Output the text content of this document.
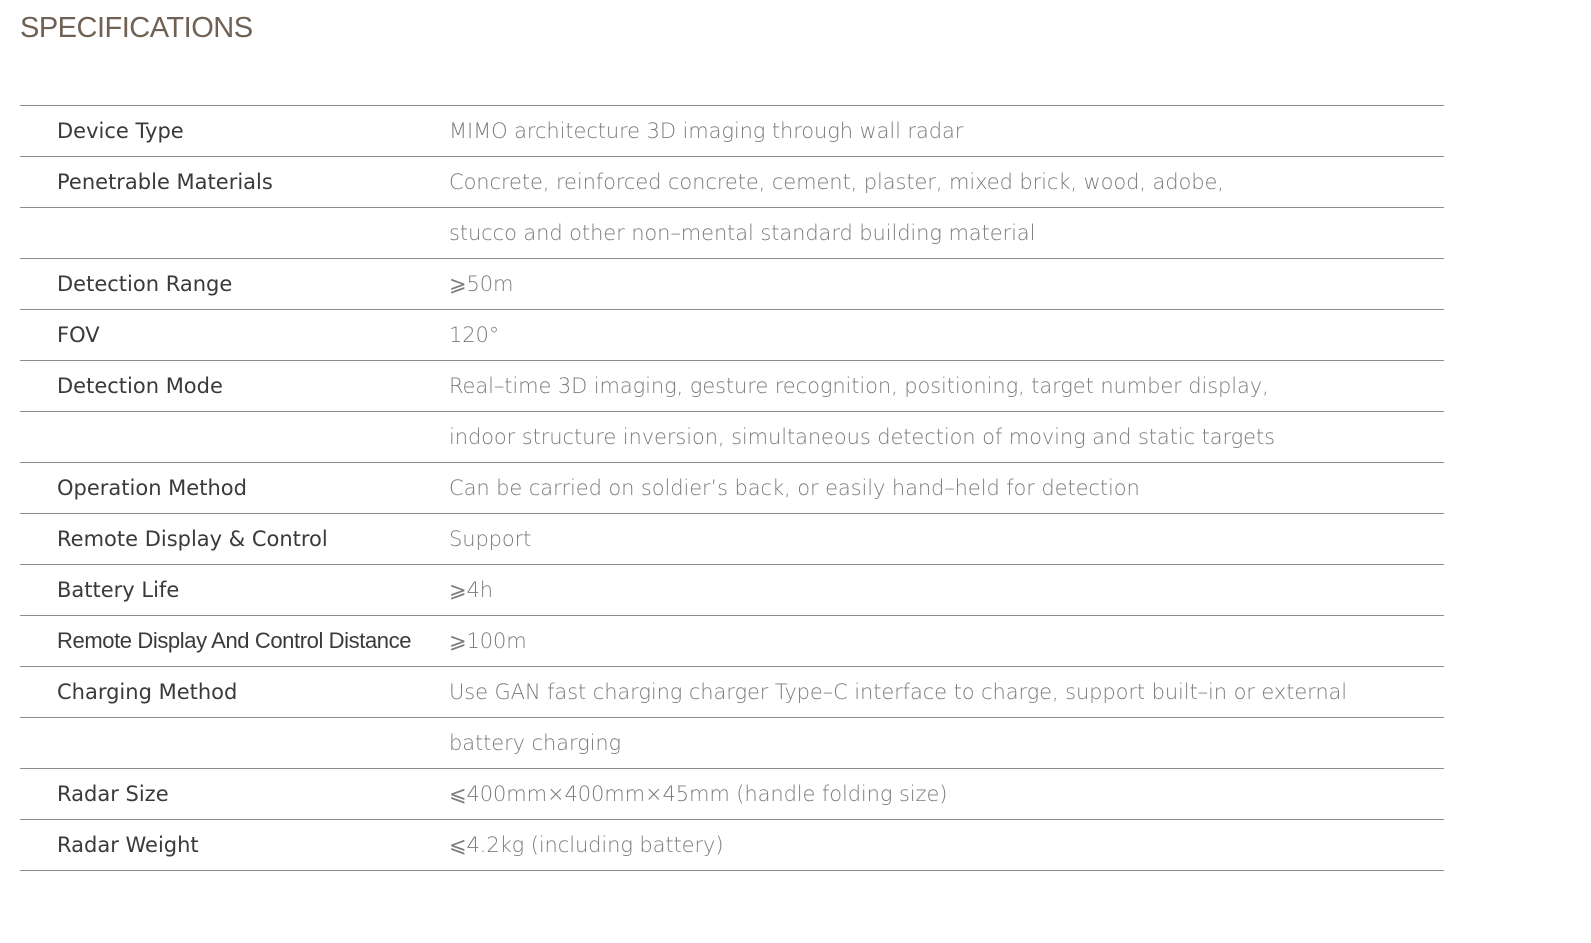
SPECIFICATIONS
Device Type	MIMO architecture 3D imaging through wall radar
Penetrable Materials	Concrete, reinforced concrete, cement, plaster, mixed brick, wood, adobe,
stucco and other non–mental standard building material
Detection Range	⩾50m
FOV	120°
Detection Mode	Real–time 3D imaging, gesture recognition, positioning, target number display,
indoor structure inversion, simultaneous detection of moving and static targets
Operation Method	Can be carried on soldier’s back, or easily hand–held for detection
Remote Display & Control	Support
Battery Life	⩾4h
Remote Display And Control Distance	⩾100m
Charging Method	Use GAN fast charging charger Type–C interface to charge, support built–in or external
battery charging
Radar Size	⩽400mm×400mm×45mm (handle folding size)
Radar Weight	⩽4.2kg (including battery)
